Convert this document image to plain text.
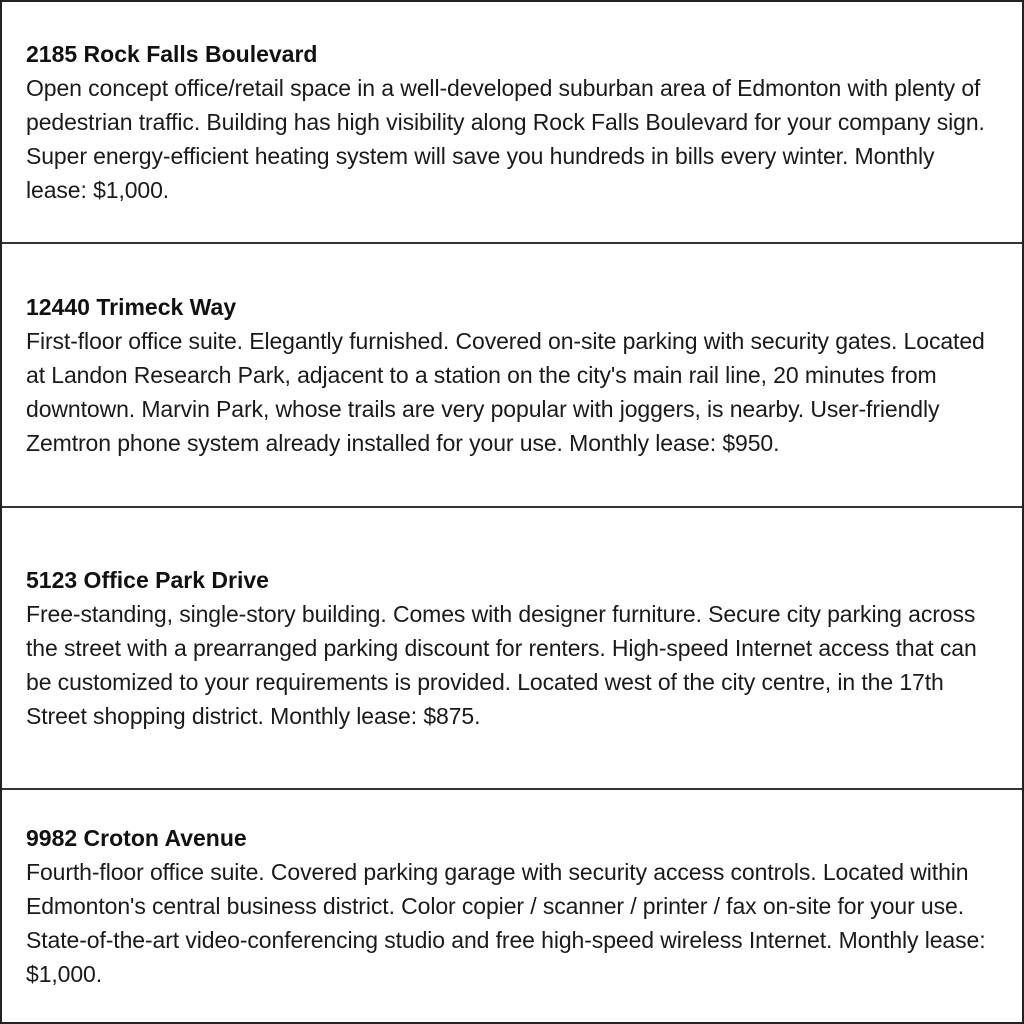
2185 Rock Falls Boulevard

Open concept office/retail space in a well-developed suburban area of Edmonton with plenty of pedestrian traffic. Building has high visibility along Rock Falls Boulevard for your company sign. Super energy-efficient heating system will save you hundreds in bills every winter. Monthly lease: $1,000.

12440 Trimeck Way

First-floor office suite. Elegantly furnished. Covered on-site parking with security gates. Located at Landon Research Park, adjacent to a station on the city's main rail line, 20 minutes from downtown. Marvin Park, whose trails are very popular with joggers, is nearby. User-friendly Zemtron phone system already installed for your use. Monthly lease: $950.

5123 Office Park Drive

Free-standing, single-story building. Comes with designer furniture. Secure city parking across the street with a prearranged parking discount for renters. High-speed Internet access that can be customized to your requirements is provided. Located west of the city centre, in the 17th Street shopping district. Monthly lease: $875.

9982 Croton Avenue

Fourth-floor office suite. Covered parking garage with security access controls. Located within Edmonton's central business district. Color copier / scanner / printer / fax on-site for your use. State-of-the-art video-conferencing studio and free high-speed wireless Internet. Monthly lease: $1,000.
